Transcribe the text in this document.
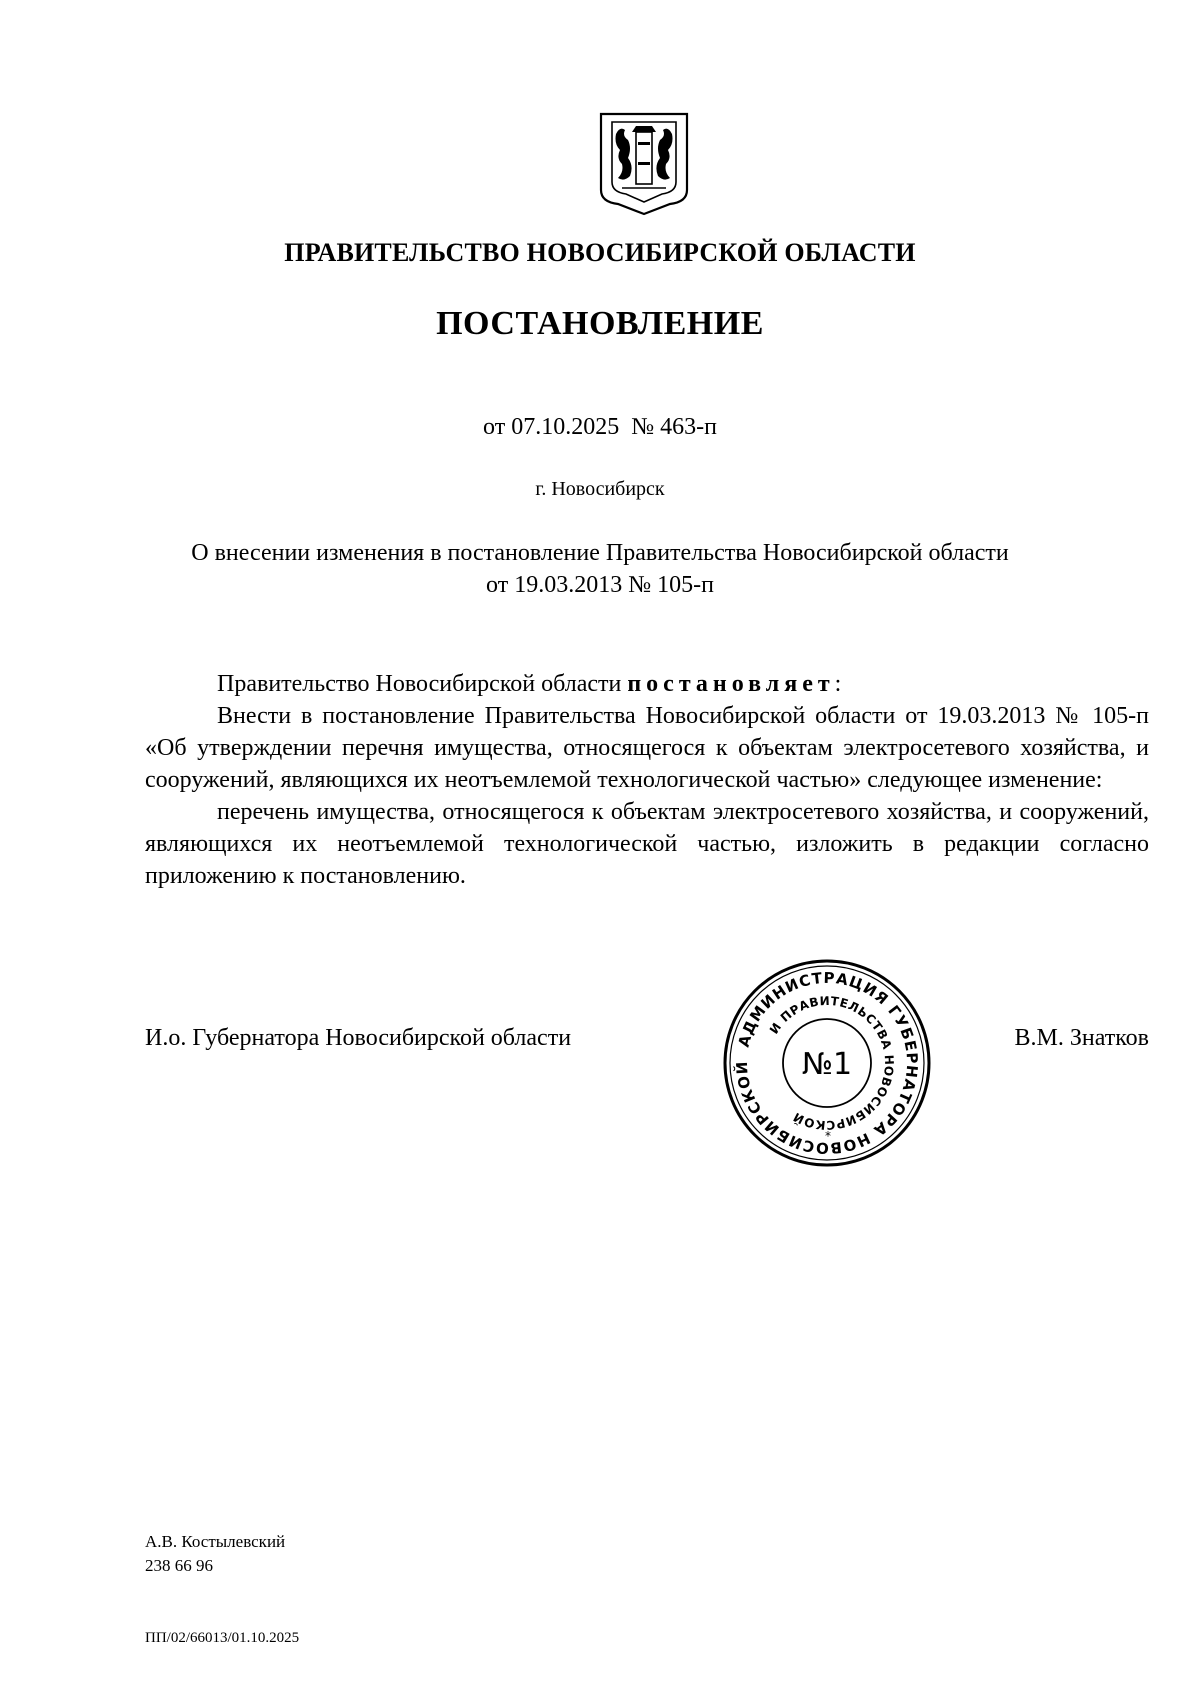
ПРАВИТЕЛЬСТВО НОВОСИБИРСКОЙ ОБЛАСТИ
ПОСТАНОВЛЕНИЕ
от 07.10.2025 № 463-п
г. Новосибирск
О внесении изменения в постановление Правительства Новосибирской области
от 19.03.2013 № 105-п

Правительство Новосибирской области постановляет:

Внести в постановление Правительства Новосибирской области от 19.03.2013 № 105-п «Об утверждении перечня имущества, относящегося к объектам электросетевого хозяйства, и сооружений, являющихся их неотъемлемой технологической частью» следующее изменение:

перечень имущества, относящегося к объектам электросетевого хозяйства, и сооружений, являющихся их неотъемлемой технологической частью, изложить в редакции согласно приложению к постановлению.

И.о. Губернатора Новосибирской области	В.М. Знатков
АДМИНИСТРАЦИЯ ГУБЕРНАТОРА НОВОСИБИРСКОЙ
И ПРАВИТЕЛЬСТВА НОВОСИБИРСКОЙ
№1
*
А.В. Костылевский
238 66 96
ПП/02/66013/01.10.2025
